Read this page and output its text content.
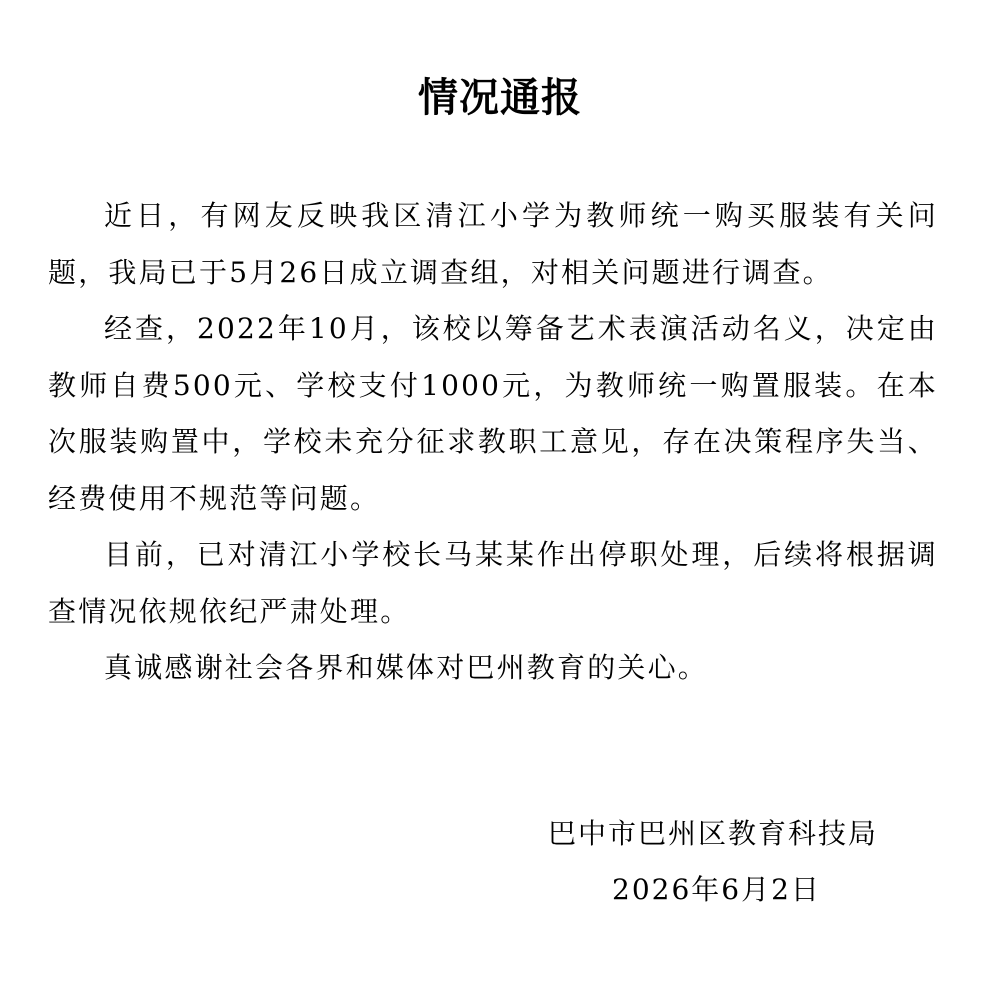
情况通报

近日，有网友反映我区清江小学为教师统一购买服装有关问题，我局已于5月26日成立调查组，对相关问题进行调查。

经查，2022年10月，该校以筹备艺术表演活动名义，决定由教师自费500元、学校支付1000元，为教师统一购置服装。在本次服装购置中，学校未充分征求教职工意见，存在决策程序失当、经费使用不规范等问题。

目前，已对清江小学校长马某某作出停职处理，后续将根据调查情况依规依纪严肃处理。

真诚感谢社会各界和媒体对巴州教育的关心。

巴中市巴州区教育科技局
2026年6月2日
